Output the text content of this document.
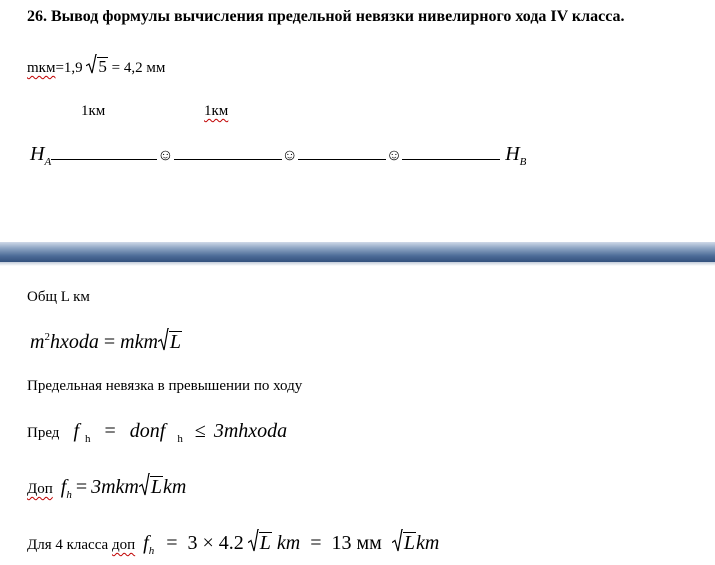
26. Вывод формулы вычисления предельной невязки нивелирного хода IV класса.
mкм=1,9 5 = 4,2 мм
1км	1км
$H_A$	☺	☺	☺	$H_B$
Общ L км
$m^2hxoda$ = mkm L
Предельная невязка в превышении по ходу
Пред f $_h$ = donf $_h$ ≤ 3mhxoda
Доп $f_h = 3mkm$ Lkm
Для 4 класса доп $f_h = 3 \times 4.2$ L km = 13 мм Lkm
